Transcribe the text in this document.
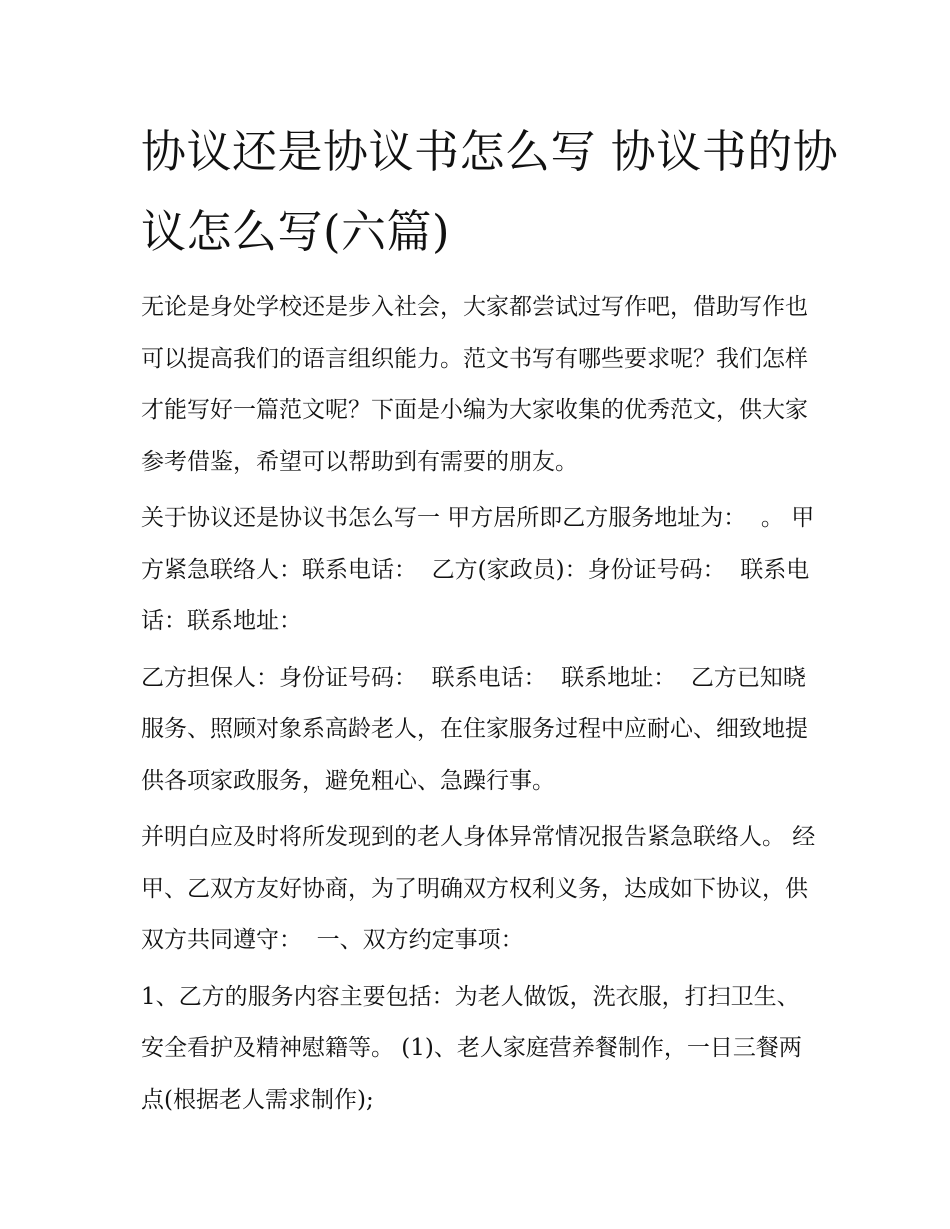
协议还是协议书怎么写 协议书的协议怎么写(六篇)

无论是身处学校还是步入社会，大家都尝试过写作吧，借助写作也可以提高我们的语言组织能力。范文书写有哪些要求呢？我们怎样才能写好一篇范文呢？下面是小编为大家收集的优秀范文，供大家参考借鉴，希望可以帮助到有需要的朋友。

关于协议还是协议书怎么写一 甲方居所即乙方服务地址为：  。 甲方紧急联络人：联系电话：  乙方(家政员)：身份证号码：  联系电话：联系地址：

乙方担保人：身份证号码：  联系电话：  联系地址：  乙方已知晓服务、照顾对象系高龄老人，在住家服务过程中应耐心、细致地提供各项家政服务，避免粗心、急躁行事。

并明白应及时将所发现到的老人身体异常情况报告紧急联络人。 经甲、乙双方友好协商，为了明确双方权利义务，达成如下协议，供双方共同遵守：  一、双方约定事项：

1、乙方的服务内容主要包括：为老人做饭，洗衣服，打扫卫生、安全看护及精神慰籍等。 (1)、老人家庭营养餐制作，一日三餐两点(根据老人需求制作);
